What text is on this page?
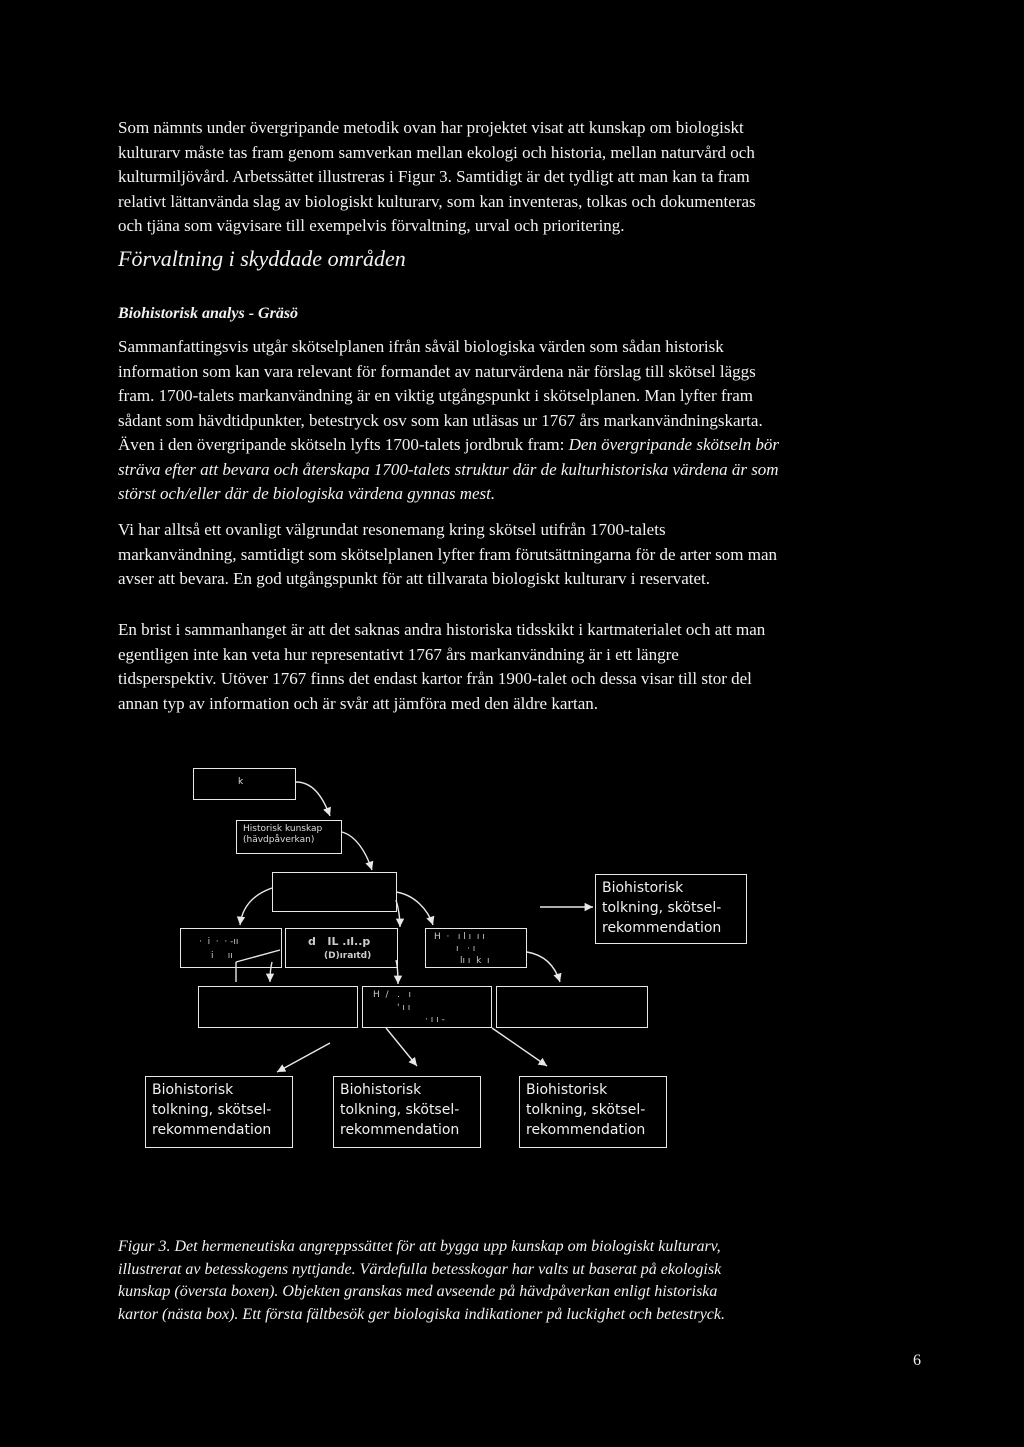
Som nämnts under övergripande metodik ovan har projektet visat att kunskap om biologiskt
kulturarv måste tas fram genom samverkan mellan ekologi och historia, mellan naturvård och
kulturmiljövård. Arbetssättet illustreras i Figur 3. Samtidigt är det tydligt att man kan ta fram
relativt lättanvända slag av biologiskt kulturarv, som kan inventeras, tolkas och dokumenteras
och tjäna som vägvisare till exempelvis förvaltning, urval och prioritering.
Förvaltning i skyddade områden
Biohistorisk analys - Gräsö
Sammanfattingsvis utgår skötselplanen ifrån såväl biologiska värden som sådan historisk
information som kan vara relevant för formandet av naturvärdena när förslag till skötsel läggs
fram. 1700-talets markanvändning är en viktig utgångspunkt i skötselplanen. Man lyfter fram
sådant som hävdtidpunkter, betestryck osv som kan utläsas ur 1767 års markanvändningskarta.
Även i den övergripande skötseln lyfts 1700-talets jordbruk fram: Den övergripande skötseln bör
sträva efter att bevara och återskapa 1700-talets struktur där de kulturhistoriska värdena är som
störst och/eller där de biologiska värdena gynnas mest.
Vi har alltså ett ovanligt välgrundat resonemang kring skötsel utifrån 1700-talets
markanvändning, samtidigt som skötselplanen lyfter fram förutsättningarna för de arter som man
avser att bevara. En god utgångspunkt för att tillvarata biologiskt kulturarv i reservatet.
En brist i sammanhanget är att det saknas andra historiska tidsskikt i kartmaterialet och att man
egentligen inte kan veta hur representativt 1767 års markanvändning är i ett längre
tidsperspektiv. Utöver 1767 finns det endast kartor från 1900-talet och dessa visar till stor del
annan typ av information och är svår att jämföra med den äldre kartan.
k
Historisk kunskap
(hävdpåverkan)
Biohistorisk
tolkning, skötsel-
rekommendation
·  i  ·  · -ıı
i     ıı
d   IL .ıl..p
(D)ıraıtd)
H  ·   ı l ı  ı ı
ı   · ı
lı ı  k  ı
H  /   .   ı
' ı ı
· ı ı -
Biohistorisk
tolkning, skötsel-
rekommendation
Biohistorisk
tolkning, skötsel-
rekommendation
Biohistorisk
tolkning, skötsel-
rekommendation
Figur 3. Det hermeneutiska angreppssättet för att bygga upp kunskap om biologiskt kulturarv,
illustrerat av betesskogens nyttjande. Värdefulla betesskogar har valts ut baserat på ekologisk
kunskap (översta boxen). Objekten granskas med avseende på hävdpåverkan enligt historiska
kartor (nästa box). Ett första fältbesök ger biologiska indikationer på luckighet och betestryck.
6
